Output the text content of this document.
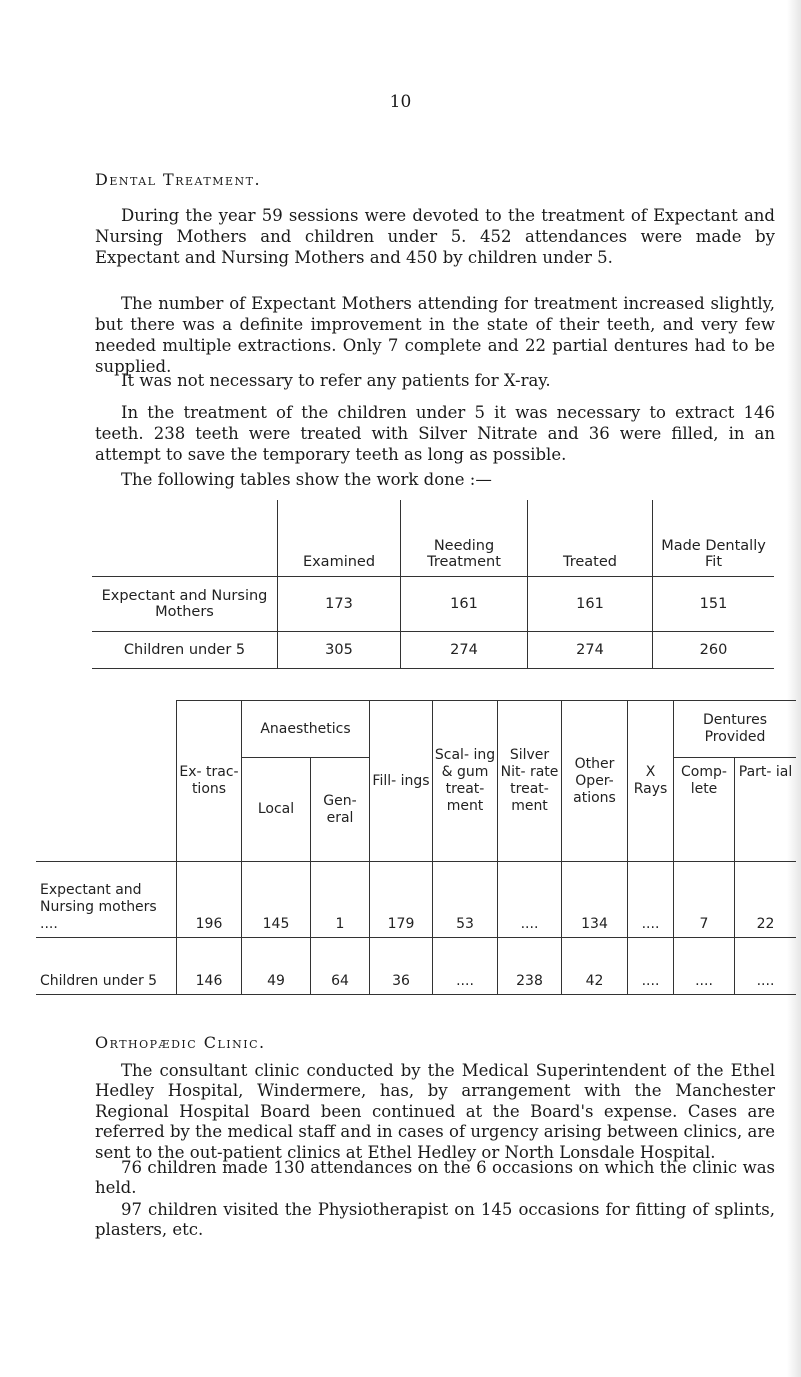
10
Dental Treatment.

During the year 59 sessions were devoted to the treatment of Expectant and Nursing Mothers and children under 5. 452 attendances were made by Expectant and Nursing Mothers and 450 by children under 5.

The number of Expectant Mothers attending for treatment increased slightly, but there was a definite improvement in the state of their teeth, and very few needed multiple extractions. Only 7 complete and 22 partial dentures had to be supplied.

It was not necessary to refer any patients for X-ray.

In the treatment of the children under 5 it was necessary to extract 146 teeth. 238 teeth were treated with Silver Nitrate and 36 were filled, in an attempt to save the temporary teeth as long as possible.

The following tables show the work done :—

	Examined	Needing Treatment	Treated	Made Dentally Fit
Expectant and Nursing Mothers	173	161	161	151
Children under 5	305	274	274	260
	Ex- trac- tions	Anaesthetics		Fill- ings	Scal- ing & gum treat- ment	Silver Nit- rate treat- ment	Other Oper- ations	X Rays	Dentures Provided	
		Local	Gen- eral						Comp- lete	Part- ial
Expectant and Nursing mothers ....	196	145	1	179	53	....	134	....	7	22
Children under 5	146	49	64	36	....	238	42	....	....	....
Orthopædic Clinic.

The consultant clinic conducted by the Medical Superintendent of the Ethel Hedley Hospital, Windermere, has, by arrangement with the Manchester Regional Hospital Board been continued at the Board's expense. Cases are referred by the medical staff and in cases of urgency arising between clinics, are sent to the out-patient clinics at Ethel Hedley or North Lonsdale Hospital.

76 children made 130 attendances on the 6 occasions on which the clinic was held.

97 children visited the Physiotherapist on 145 occasions for fitting of splints, plasters, etc.
